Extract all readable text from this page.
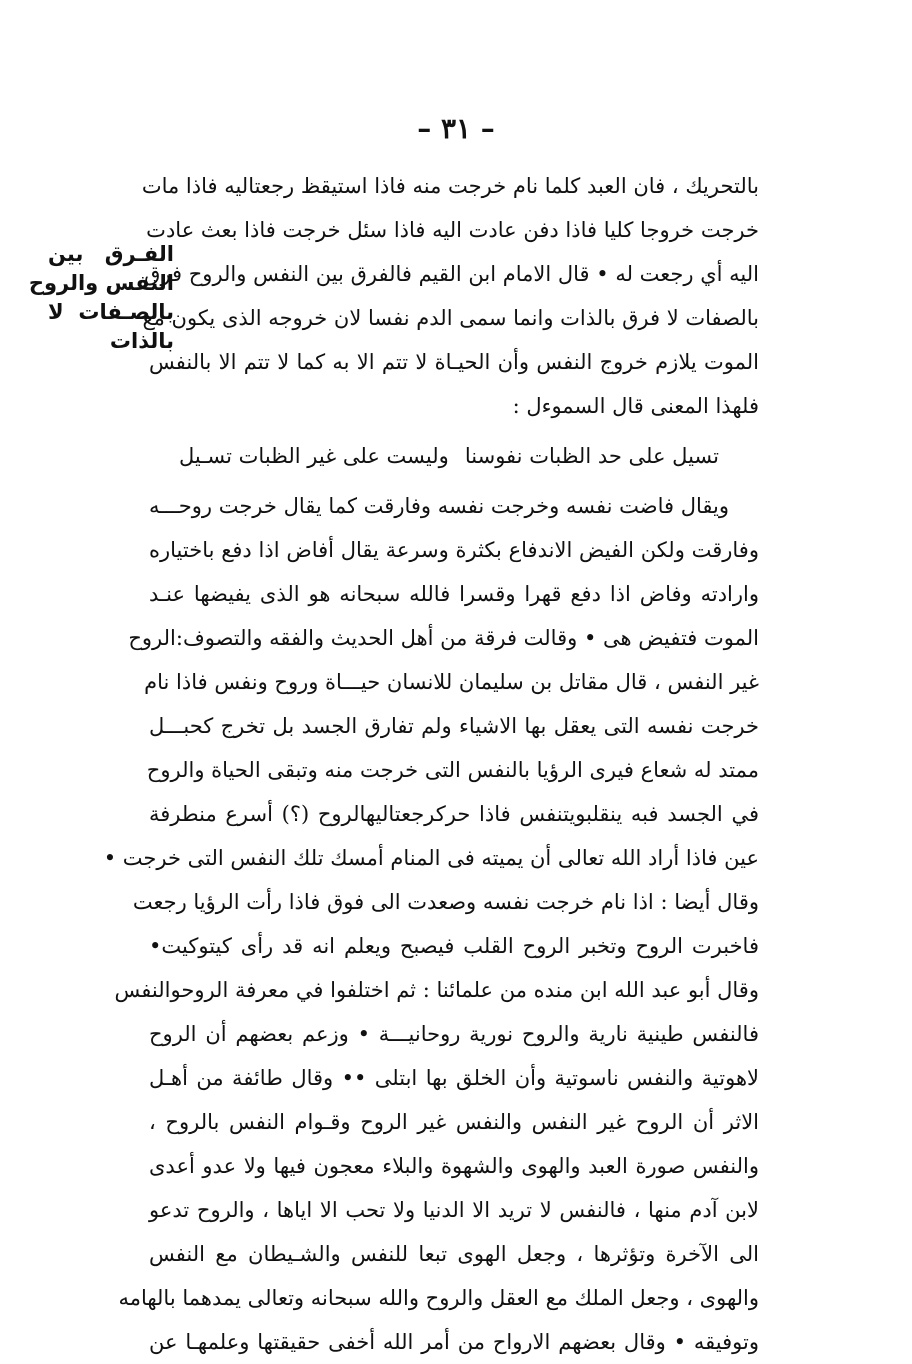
– ٣١ –
الفـرق بين
النفس والروح
بالصـفات لا
بالذات
بالتحريك ، فان العبد كلما نام خرجت منه فاذا استيقظ رجعتاليه فاذا مات
خرجت خروجا كليا فاذا دفن عادت اليه فاذا سئل خرجت فاذا بعث عادت
اليه أي رجعت له • قال الامام ابن القيم فالفرق بين النفس والروح فرق
بالصفات لا فرق بالذات وانما سمى الدم نفسا لان خروجه الذى يكون مع
الموت يلازم خروج النفس وأن الحيـاة لا تتم الا به كما لا تتم الا بالنفس
فلهذا المعنى قال السموءل :
تسيل على حد الظبات نفوسنا
وليست على غير الظبات تسـيل
ويقال فاضت نفسه وخرجت نفسه وفارقت كما يقال خرجت روحـــه
وفارقت ولكن الفيض الاندفاع بكثرة وسرعة يقال أفاض اذا دفع باختياره
وارادته وفاض اذا دفع قهرا وقسرا فالله سبحانه هو الذى يفيضها عنـد
الموت فتفيض هى • وقالت فرقة من أهل الحديث والفقه والتصوف:الروح
غير النفس ، قال مقاتل بن سليمان للانسان حيـــاة وروح ونفس فاذا نام
خرجت نفسه التى يعقل بها الاشياء ولم تفارق الجسد بل تخرج كحبـــل
ممتد له شعاع فيرى الرؤيا بالنفس التى خرجت منه وتبقى الحياة والروح
في الجسد فبه ينقلبويتنفس فاذا حركرجعتاليهالروح (؟) أسرع منطرفة
عين فاذا أراد الله تعالى أن يميته فى المنام أمسك تلك النفس التى خرجت •
وقال أيضا : اذا نام خرجت نفسه وصعدت الى فوق فاذا رأت الرؤيا رجعت
فاخبرت الروح وتخبر الروح القلب فيصبح ويعلم انه قد رأى كيتوكيت•
وقال أبو عبد الله ابن منده من علمائنا : ثم اختلفوا في معرفة الروحوالنفس
فالنفس طينية نارية والروح نورية روحانيـــة • وزعم بعضهم أن الروح
لاهوتية والنفس ناسوتية وأن الخلق بها ابتلى •• وقال طائفة من أهـل
الاثر أن الروح غير النفس والنفس غير الروح وقـوام النفس بالروح ،
والنفس صورة العبد والهوى والشهوة والبلاء معجون فيها ولا عدو أعدى
لابن آدم منها ، فالنفس لا تريد الا الدنيا ولا تحب الا اياها ، والروح تدعو
الى الآخرة وتؤثرها ، وجعل الهوى تبعا للنفس والشـيطان مع النفس
والهوى ، وجعل الملك مع العقل والروح والله سبحانه وتعالى يمدهما بالهامه
وتوفيقه • وقال بعضهم الارواح من أمر الله أخفى حقيقتها وعلمهـا عن
